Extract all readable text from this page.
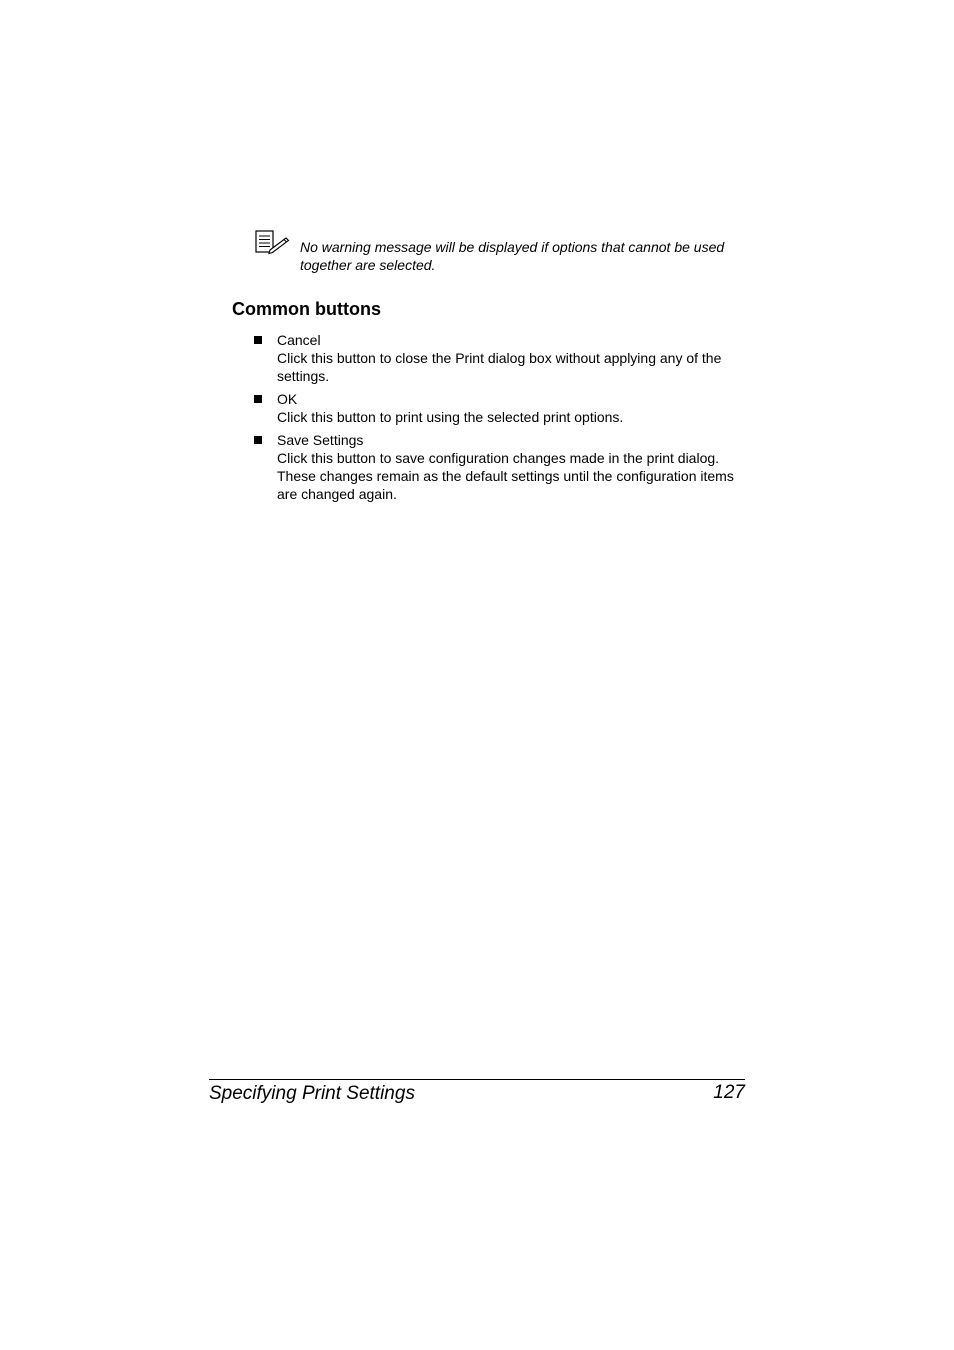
No warning message will be displayed if options that cannot be used together are selected.
Common buttons
Cancel
Click this button to close the Print dialog box without applying any of the settings.
OK
Click this button to print using the selected print options.
Save Settings
Click this button to save configuration changes made in the print dialog. These changes remain as the default settings until the configuration items are changed again.
Specifying Print Settings	127
